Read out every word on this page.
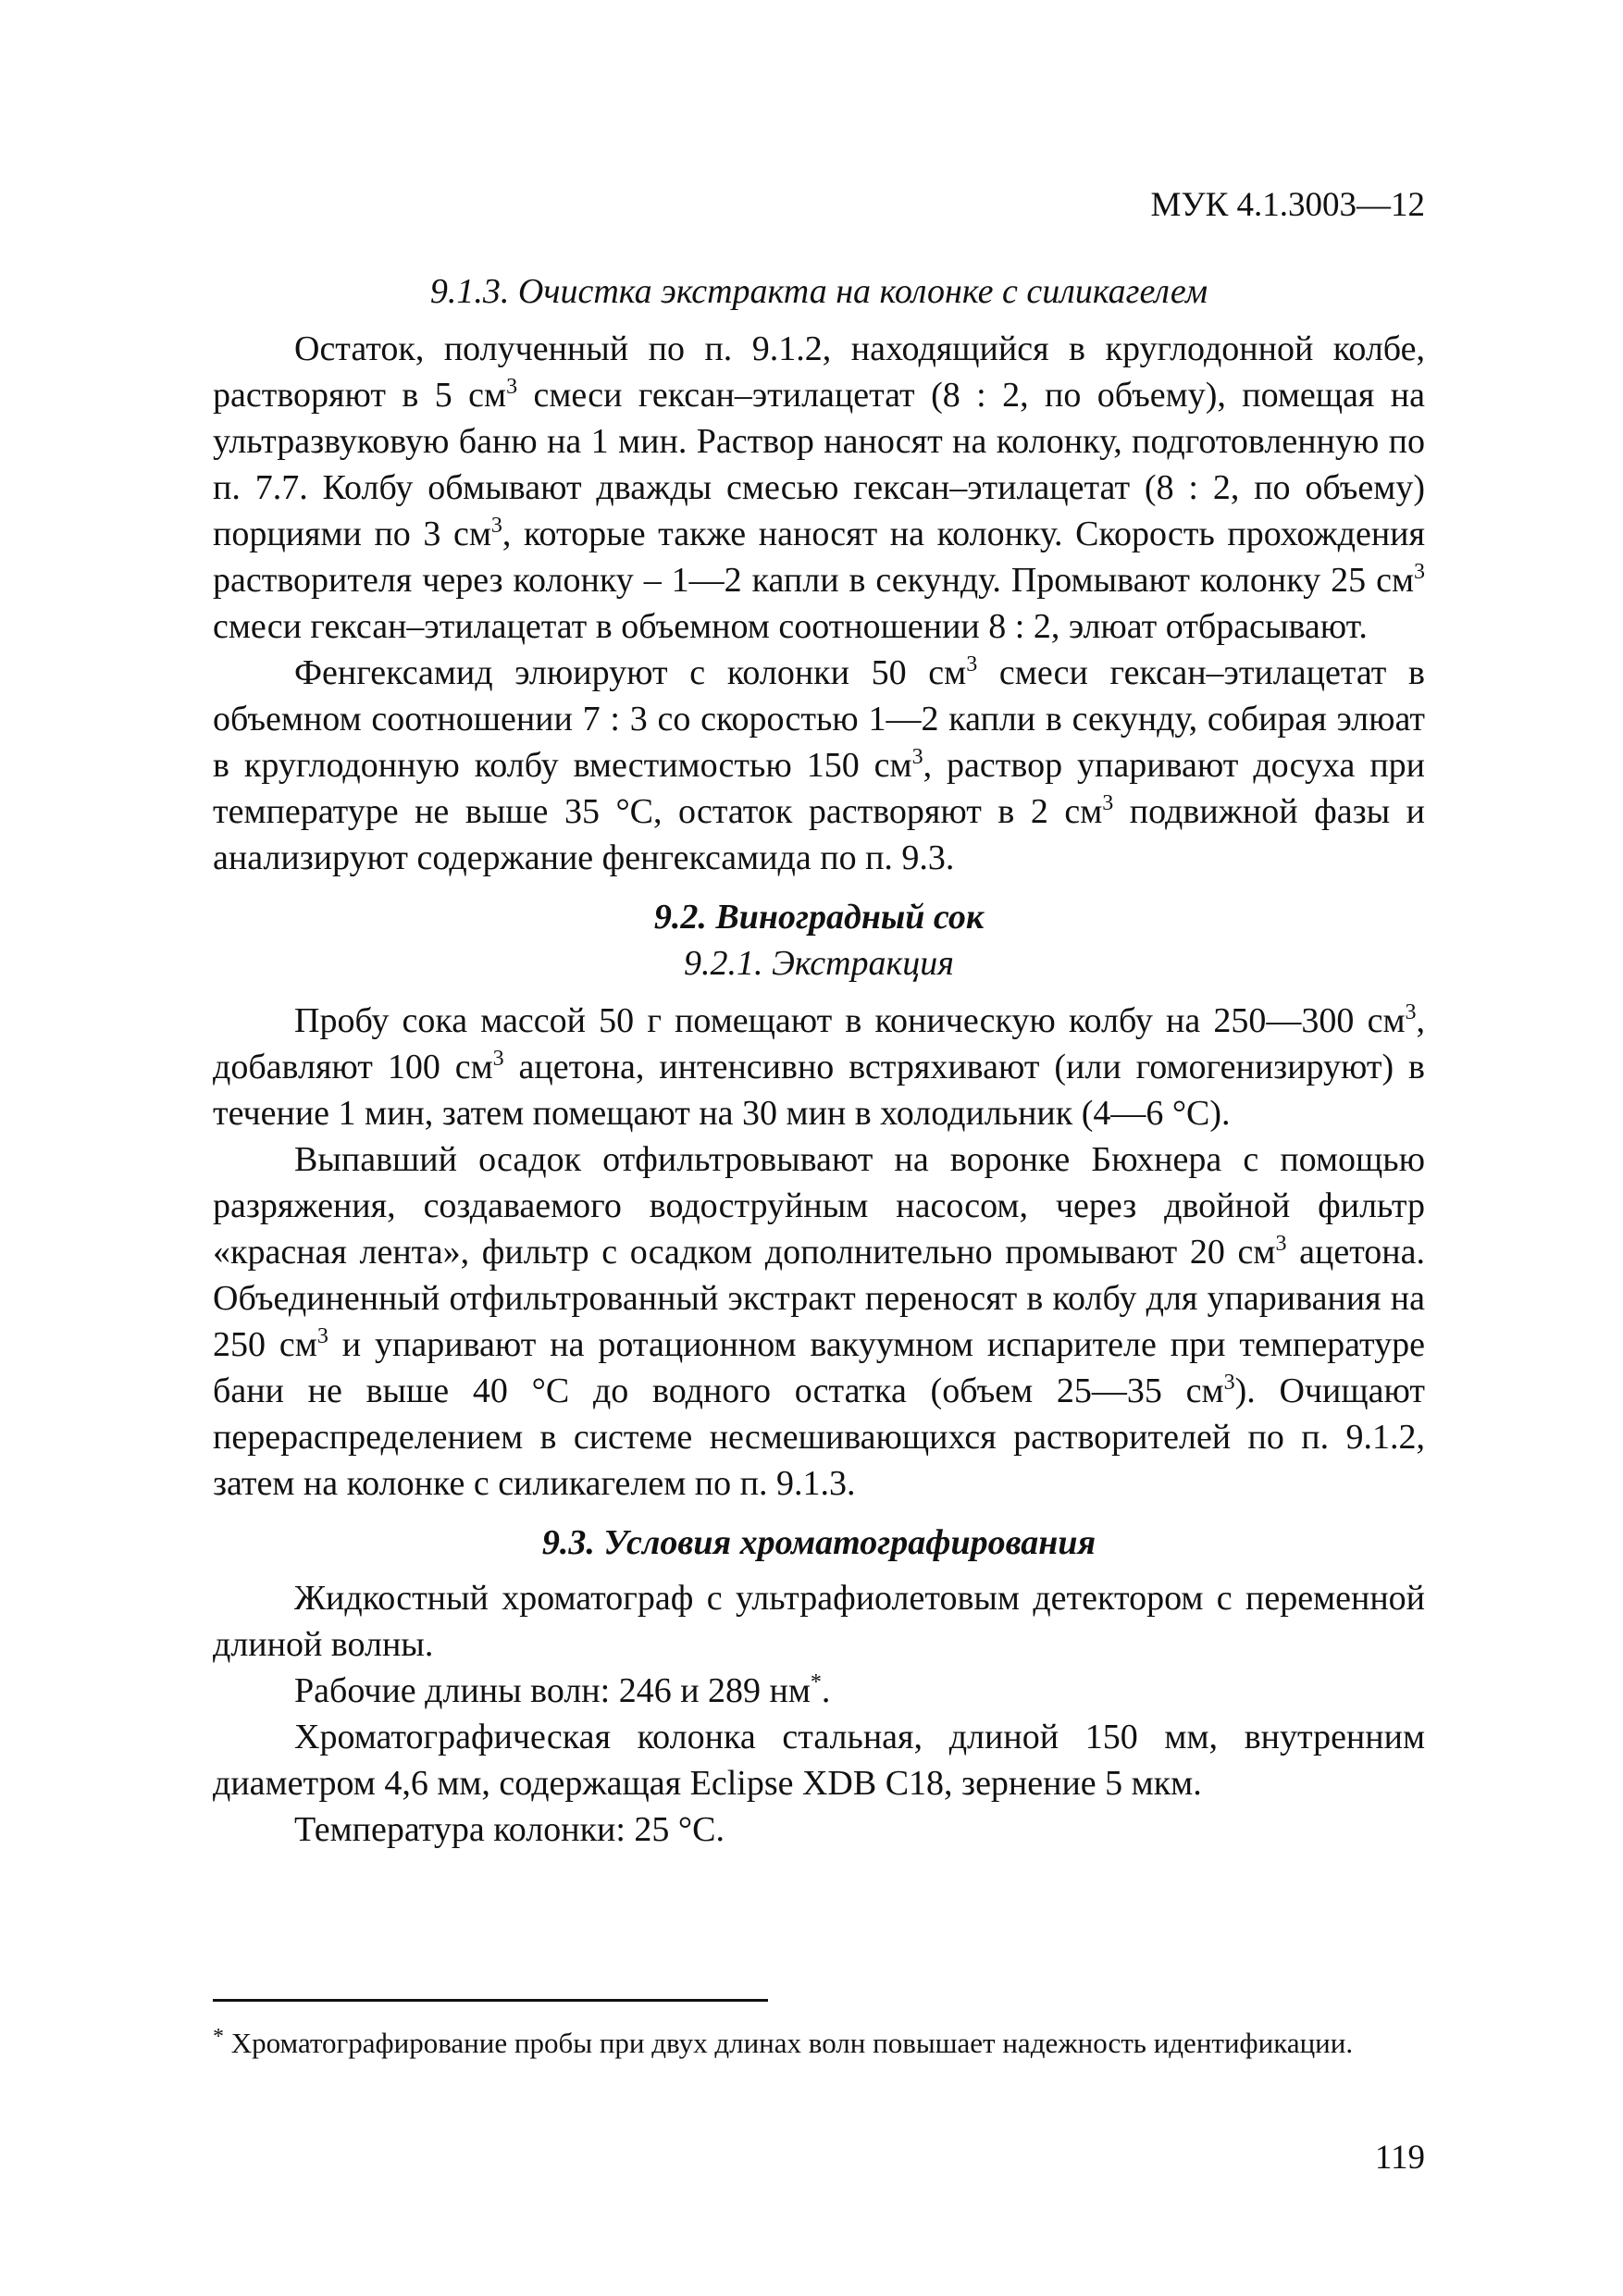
МУК 4.1.3003—12
9.1.3. Очистка экстракта на колонке с силикагелем

Остаток, полученный по п. 9.1.2, находящийся в круглодонной колбе, растворяют в 5 $см^3$ смеси гексан–этилацетат (8 : 2, по объему), помещая на ультразвуковую баню на 1 мин. Раствор наносят на колонку, подготовленную по п. 7.7. Колбу обмывают дважды смесью гексан–этилацетат (8 : 2, по объему) порциями по 3 $см^3$, которые также наносят на колонку. Скорость прохождения растворителя через колонку – 1—2 капли в секунду. Промывают колонку 25 $см^3$ смеси гексан–этилацетат в объемном соотношении 8 : 2, элюат отбрасывают.

Фенгексамид элюируют с колонки 50 $см^3$ смеси гексан–этилацетат в объемном соотношении 7 : 3 со скоростью 1—2 капли в секунду, собирая элюат в круглодонную колбу вместимостью 150 $см^3$, раствор упаривают досуха при температуре не выше 35 °С, остаток растворяют в 2 $см^3$ подвижной фазы и анализируют содержание фенгексамида по п. 9.3.

9.2. Виноградный сок
9.2.1. Экстракция

Пробу сока массой 50 г помещают в коническую колбу на 250—300 $см^3$, добавляют 100 $см^3$ ацетона, интенсивно встряхивают (или гомогенизируют) в течение 1 мин, затем помещают на 30 мин в холодильник (4—6 °С).

Выпавший осадок отфильтровывают на воронке Бюхнера с помощью разряжения, создаваемого водоструйным насосом, через двойной фильтр «красная лента», фильтр с осадком дополнительно промывают 20 $см^3$ ацетона. Объединенный отфильтрованный экстракт переносят в колбу для упаривания на 250 $см^3$ и упаривают на ротационном вакуумном испарителе при температуре бани не выше 40 °С до водного остатка (объем 25—35 $см^3$). Очищают перераспределением в системе несмешивающихся растворителей по п. 9.1.2, затем на колонке с силикагелем по п. 9.1.3.

9.3. Условия хроматографирования

Жидкостный хроматограф с ультрафиолетовым детектором с переменной длиной волны.

Рабочие длины волн: 246 и 289 нм*.

Хроматографическая колонка стальная, длиной 150 мм, внутренним диаметром 4,6 мм, содержащая Eclipse XDB C18, зернение 5 мкм.

Температура колонки: 25 °С.

* Хроматографирование пробы при двух длинах волн повышает надежность идентификации.
119
